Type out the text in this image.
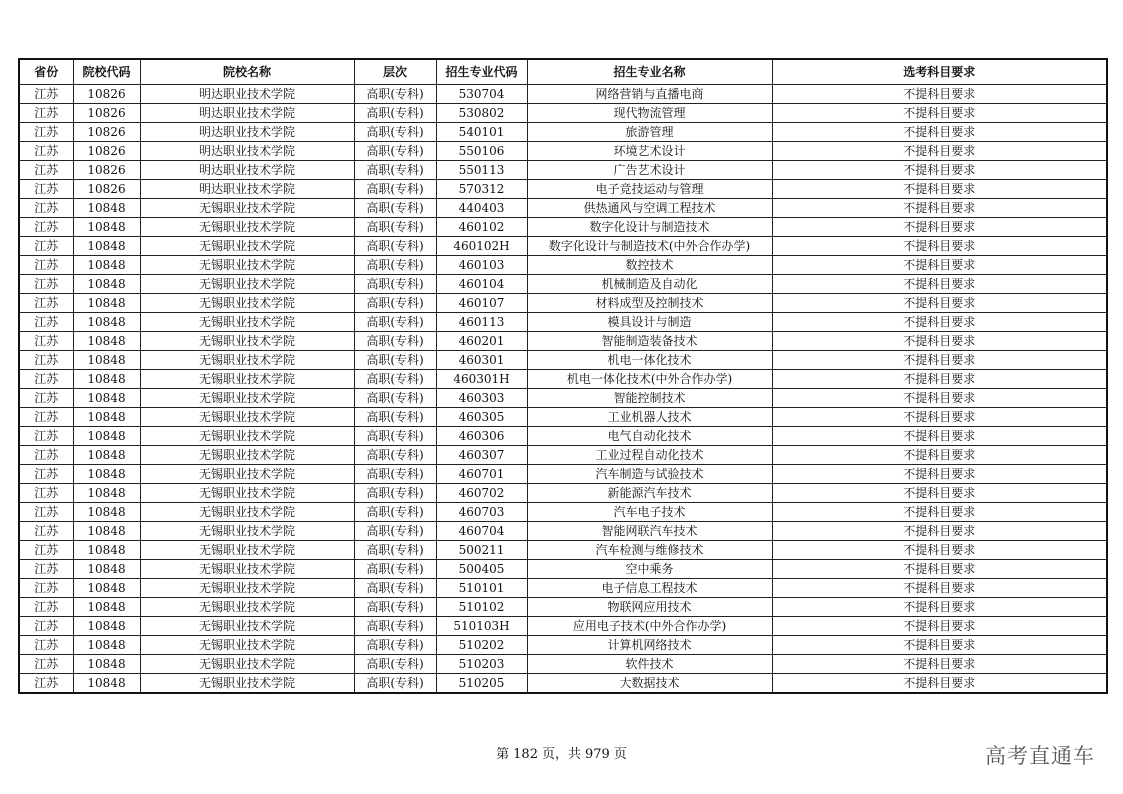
省份	院校代码	院校名称	层次	招生专业代码	招生专业名称	选考科目要求
江苏	10826	明达职业技术学院	高职(专科)	530704	网络营销与直播电商	不提科目要求
江苏	10826	明达职业技术学院	高职(专科)	530802	现代物流管理	不提科目要求
江苏	10826	明达职业技术学院	高职(专科)	540101	旅游管理	不提科目要求
江苏	10826	明达职业技术学院	高职(专科)	550106	环境艺术设计	不提科目要求
江苏	10826	明达职业技术学院	高职(专科)	550113	广告艺术设计	不提科目要求
江苏	10826	明达职业技术学院	高职(专科)	570312	电子竞技运动与管理	不提科目要求
江苏	10848	无锡职业技术学院	高职(专科)	440403	供热通风与空调工程技术	不提科目要求
江苏	10848	无锡职业技术学院	高职(专科)	460102	数字化设计与制造技术	不提科目要求
江苏	10848	无锡职业技术学院	高职(专科)	460102H	数字化设计与制造技术(中外合作办学)	不提科目要求
江苏	10848	无锡职业技术学院	高职(专科)	460103	数控技术	不提科目要求
江苏	10848	无锡职业技术学院	高职(专科)	460104	机械制造及自动化	不提科目要求
江苏	10848	无锡职业技术学院	高职(专科)	460107	材料成型及控制技术	不提科目要求
江苏	10848	无锡职业技术学院	高职(专科)	460113	模具设计与制造	不提科目要求
江苏	10848	无锡职业技术学院	高职(专科)	460201	智能制造装备技术	不提科目要求
江苏	10848	无锡职业技术学院	高职(专科)	460301	机电一体化技术	不提科目要求
江苏	10848	无锡职业技术学院	高职(专科)	460301H	机电一体化技术(中外合作办学)	不提科目要求
江苏	10848	无锡职业技术学院	高职(专科)	460303	智能控制技术	不提科目要求
江苏	10848	无锡职业技术学院	高职(专科)	460305	工业机器人技术	不提科目要求
江苏	10848	无锡职业技术学院	高职(专科)	460306	电气自动化技术	不提科目要求
江苏	10848	无锡职业技术学院	高职(专科)	460307	工业过程自动化技术	不提科目要求
江苏	10848	无锡职业技术学院	高职(专科)	460701	汽车制造与试验技术	不提科目要求
江苏	10848	无锡职业技术学院	高职(专科)	460702	新能源汽车技术	不提科目要求
江苏	10848	无锡职业技术学院	高职(专科)	460703	汽车电子技术	不提科目要求
江苏	10848	无锡职业技术学院	高职(专科)	460704	智能网联汽车技术	不提科目要求
江苏	10848	无锡职业技术学院	高职(专科)	500211	汽车检测与维修技术	不提科目要求
江苏	10848	无锡职业技术学院	高职(专科)	500405	空中乘务	不提科目要求
江苏	10848	无锡职业技术学院	高职(专科)	510101	电子信息工程技术	不提科目要求
江苏	10848	无锡职业技术学院	高职(专科)	510102	物联网应用技术	不提科目要求
江苏	10848	无锡职业技术学院	高职(专科)	510103H	应用电子技术(中外合作办学)	不提科目要求
江苏	10848	无锡职业技术学院	高职(专科)	510202	计算机网络技术	不提科目要求
江苏	10848	无锡职业技术学院	高职(专科)	510203	软件技术	不提科目要求
江苏	10848	无锡职业技术学院	高职(专科)	510205	大数据技术	不提科目要求
第 182 页，共 979 页	高考直通车
